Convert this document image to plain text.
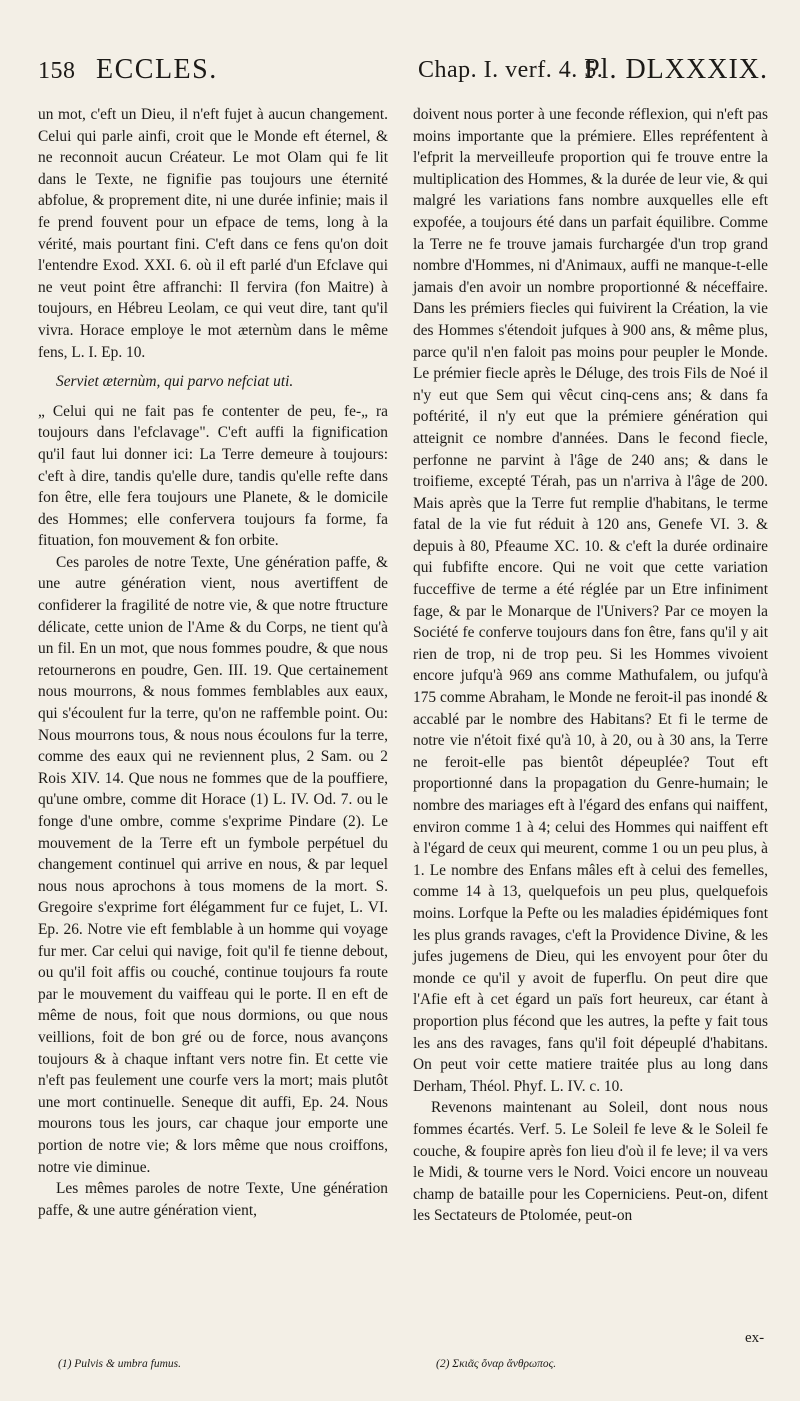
158 ECCLES.	Chap. I. verf. 4. 5.
Pl. DLXXXIX.

un mot, c'eft un Dieu, il n'eft fujet à aucun changement. Celui qui parle ainfi, croit que le Monde eft éternel, & ne reconnoit aucun Créateur. Le mot Olam qui fe lit dans le Texte, ne fignifie pas toujours une éternité abfolue, & proprement dite, ni une durée infinie; mais il fe prend fouvent pour un efpace de tems, long à la vérité, mais pourtant fini. C'eft dans ce fens qu'on doit l'entendre Exod. XXI. 6. où il eft parlé d'un Efclave qui ne veut point être affranchi: Il fervira (fon Maitre) à toujours, en Hébreu Leolam, ce qui veut dire, tant qu'il vivra. Horace employe le mot æternùm dans le même fens, L. I. Ep. 10.

Serviet æternùm, qui parvo nefciat uti.

„ Celui qui ne fait pas fe contenter de peu, fe-„ ra toujours dans l'efclavage". C'eft auffi la fignification qu'il faut lui donner ici: La Terre demeure à toujours: c'eft à dire, tandis qu'elle dure, tandis qu'elle refte dans fon être, elle fera toujours une Planete, & le domicile des Hommes; elle confervera toujours fa forme, fa fituation, fon mouvement & fon orbite.

Ces paroles de notre Texte, Une génération paffe, & une autre génération vient, nous avertiffent de confiderer la fragilité de notre vie, & que notre ftructure délicate, cette union de l'Ame & du Corps, ne tient qu'à un fil. En un mot, que nous fommes poudre, & que nous retournerons en poudre, Gen. III. 19. Que certainement nous mourrons, & nous fommes femblables aux eaux, qui s'écoulent fur la terre, qu'on ne raffemble point. Ou: Nous mourrons tous, & nous nous écoulons fur la terre, comme des eaux qui ne reviennent plus, 2 Sam. ou 2 Rois XIV. 14. Que nous ne fommes que de la pouffiere, qu'une ombre, comme dit Horace (1) L. IV. Od. 7. ou le fonge d'une ombre, comme s'exprime Pindare (2). Le mouvement de la Terre eft un fymbole perpétuel du changement continuel qui arrive en nous, & par lequel nous nous aprochons à tous momens de la mort. S. Gregoire s'exprime fort élégamment fur ce fujet, L. VI. Ep. 26. Notre vie eft femblable à un homme qui voyage fur mer. Car celui qui navige, foit qu'il fe tienne debout, ou qu'il foit affis ou couché, continue toujours fa route par le mouvement du vaiffeau qui le porte. Il en eft de même de nous, foit que nous dormions, ou que nous veillions, foit de bon gré ou de force, nous avançons toujours & à chaque inftant vers notre fin. Et cette vie n'eft pas feulement une courfe vers la mort; mais plutôt une mort continuelle. Seneque dit auffi, Ep. 24. Nous mourons tous les jours, car chaque jour emporte une portion de notre vie; & lors même que nous croiffons, notre vie diminue.

Les mêmes paroles de notre Texte, Une génération paffe, & une autre génération vient,

doivent nous porter à une feconde réflexion, qui n'eft pas moins importante que la prémiere. Elles repréfentent à l'efprit la merveilleufe proportion qui fe trouve entre la multiplication des Hommes, & la durée de leur vie, & qui malgré les variations fans nombre auxquelles elle eft expofée, a toujours été dans un parfait équilibre. Comme la Terre ne fe trouve jamais furchargée d'un trop grand nombre d'Hommes, ni d'Animaux, auffi ne manque-t-elle jamais d'en avoir un nombre proportionné & néceffaire. Dans les prémiers fiecles qui fuivirent la Création, la vie des Hommes s'étendoit jufques à 900 ans, & même plus, parce qu'il n'en faloit pas moins pour peupler le Monde. Le prémier fiecle après le Déluge, des trois Fils de Noé il n'y eut que Sem qui vêcut cinq-cens ans; & dans fa poftérité, il n'y eut que la prémiere génération qui atteignit ce nombre d'années. Dans le fecond fiecle, perfonne ne parvint à l'âge de 240 ans; & dans le troifieme, excepté Térah, pas un n'arriva à l'âge de 200. Mais après que la Terre fut remplie d'habitans, le terme fatal de la vie fut réduit à 120 ans, Genefe VI. 3. & depuis à 80, Pfeaume XC. 10. & c'eft la durée ordinaire qui fubfifte encore. Qui ne voit que cette variation fucceffive de terme a été réglée par un Etre infiniment fage, & par le Monarque de l'Univers? Par ce moyen la Société fe conferve toujours dans fon être, fans qu'il y ait rien de trop, ni de trop peu. Si les Hommes vivoient encore jufqu'à 969 ans comme Mathufalem, ou jufqu'à 175 comme Abraham, le Monde ne feroit-il pas inondé & accablé par le nombre des Habitans? Et fi le terme de notre vie n'étoit fixé qu'à 10, à 20, ou à 30 ans, la Terre ne feroit-elle pas bientôt dépeuplée? Tout eft proportionné dans la propagation du Genre-humain; le nombre des mariages eft à l'égard des enfans qui naiffent, environ comme 1 à 4; celui des Hommes qui naiffent eft à l'égard de ceux qui meurent, comme 1 ou un peu plus, à 1. Le nombre des Enfans mâles eft à celui des femelles, comme 14 à 13, quelquefois un peu plus, quelquefois moins. Lorfque la Pefte ou les maladies épidémiques font les plus grands ravages, c'eft la Providence Divine, & les jufes jugemens de Dieu, qui les envoyent pour ôter du monde ce qu'il y avoit de fuperflu. On peut dire que l'Afie eft à cet égard un païs fort heureux, car étant à proportion plus fécond que les autres, la pefte y fait tous les ans des ravages, fans qu'il foit dépeuplé d'habitans. On peut voir cette matiere traitée plus au long dans Derham, Théol. Phyf. L. IV. c. 10.

Revenons maintenant au Soleil, dont nous nous fommes écartés. Verf. 5. Le Soleil fe leve & le Soleil fe couche, & foupire après fon lieu d'où il fe leve; il va vers le Midi, & tourne vers le Nord. Voici encore un nouveau champ de bataille pour les Coperniciens. Peut-on, difent les Sectateurs de Ptolomée, peut-on

ex-
(1) Pulvis & umbra fumus.	(2) Σκιᾶς ὄναρ ἄνθρωπος.
